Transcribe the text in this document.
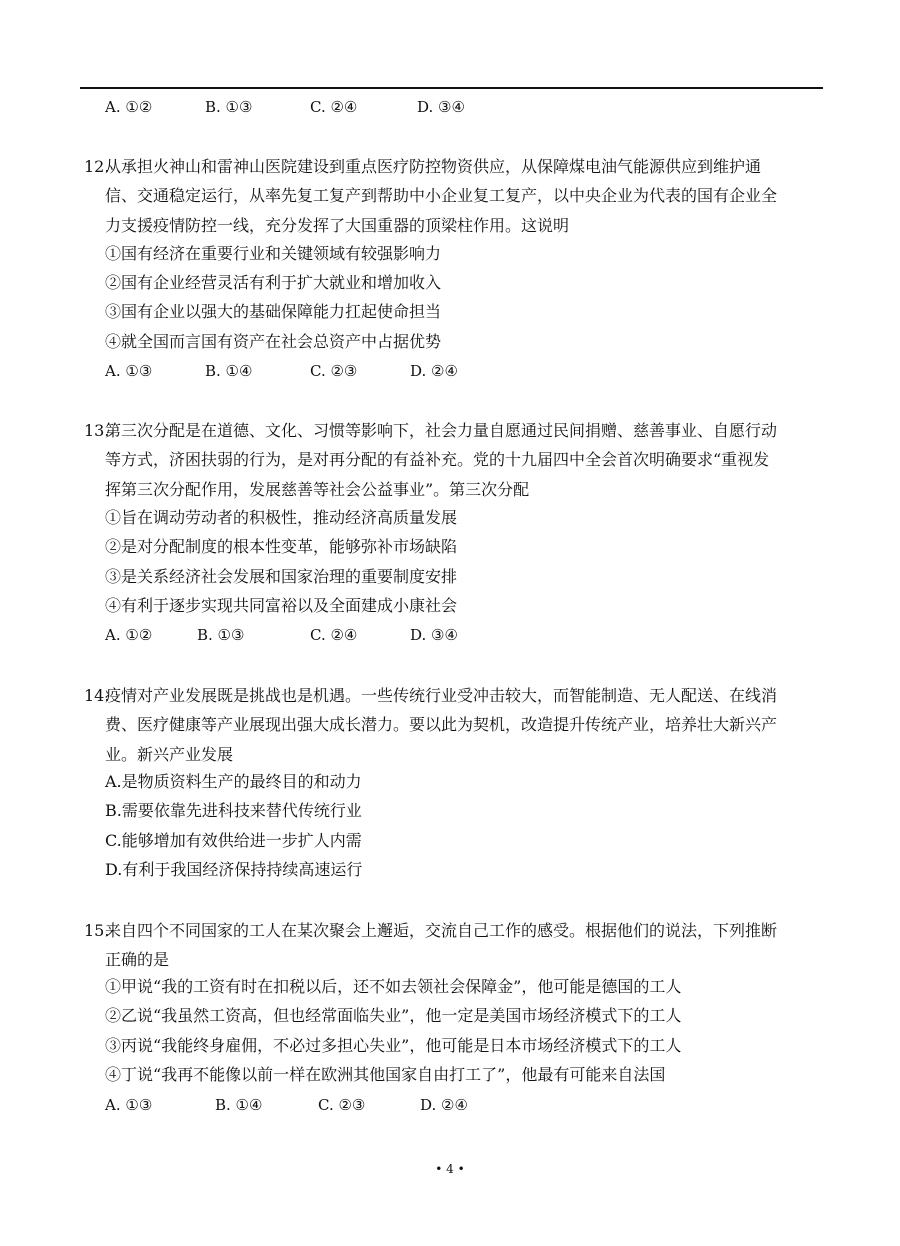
A. ①②	B. ①③	C. ②④	D. ③④
12.
从承担火神山和雷神山医院建设到重点医疗防控物资供应，从保障煤电油气能源供应到维护通
信、交通稳定运行，从率先复工复产到帮助中小企业复工复产，以中央企业为代表的国有企业全
力支援疫情防控一线，充分发挥了大国重器的顶梁柱作用。这说明
①国有经济在重要行业和关键领域有较强影响力
②国有企业经营灵活有利于扩大就业和增加收入
③国有企业以强大的基础保障能力扛起使命担当
④就全国而言国有资产在社会总资产中占据优势
A. ①③	B. ①④	C. ②③	D. ②④
13.
第三次分配是在道德、文化、习惯等影响下，社会力量自愿通过民间捐赠、慈善事业、自愿行动
等方式，济困扶弱的行为，是对再分配的有益补充。党的十九届四中全会首次明确要求“重视发
挥第三次分配作用，发展慈善等社会公益事业”。第三次分配
①旨在调动劳动者的积极性，推动经济高质量发展
②是对分配制度的根本性变革，能够弥补市场缺陷
③是关系经济社会发展和国家治理的重要制度安排
④有利于逐步实现共同富裕以及全面建成小康社会
A. ①②	B. ①③	C. ②④	D. ③④
14.
疫情对产业发展既是挑战也是机遇。一些传统行业受冲击较大，而智能制造、无人配送、在线消
费、医疗健康等产业展现出强大成长潜力。要以此为契机，改造提升传统产业，培养壮大新兴产
业。新兴产业发展
A.是物质资料生产的最终目的和动力
B.需要依靠先进科技来替代传统行业
C.能够增加有效供给进一步扩人内需
D.有利于我国经济保持持续高速运行
15.
来自四个不同国家的工人在某次聚会上邂逅，交流自己工作的感受。根据他们的说法，下列推断
正确的是
①甲说“我的工资有时在扣税以后，还不如去领社会保障金”，他可能是德国的工人
②乙说“我虽然工资高，但也经常面临失业”，他一定是美国市场经济模式下的工人
③丙说“我能终身雇佣，不必过多担心失业”，他可能是日本市场经济模式下的工人
④丁说“我再不能像以前一样在欧洲其他国家自由打工了”，他最有可能来自法国
A. ①③	B. ①④	C. ②③	D. ②④
• 4 •
